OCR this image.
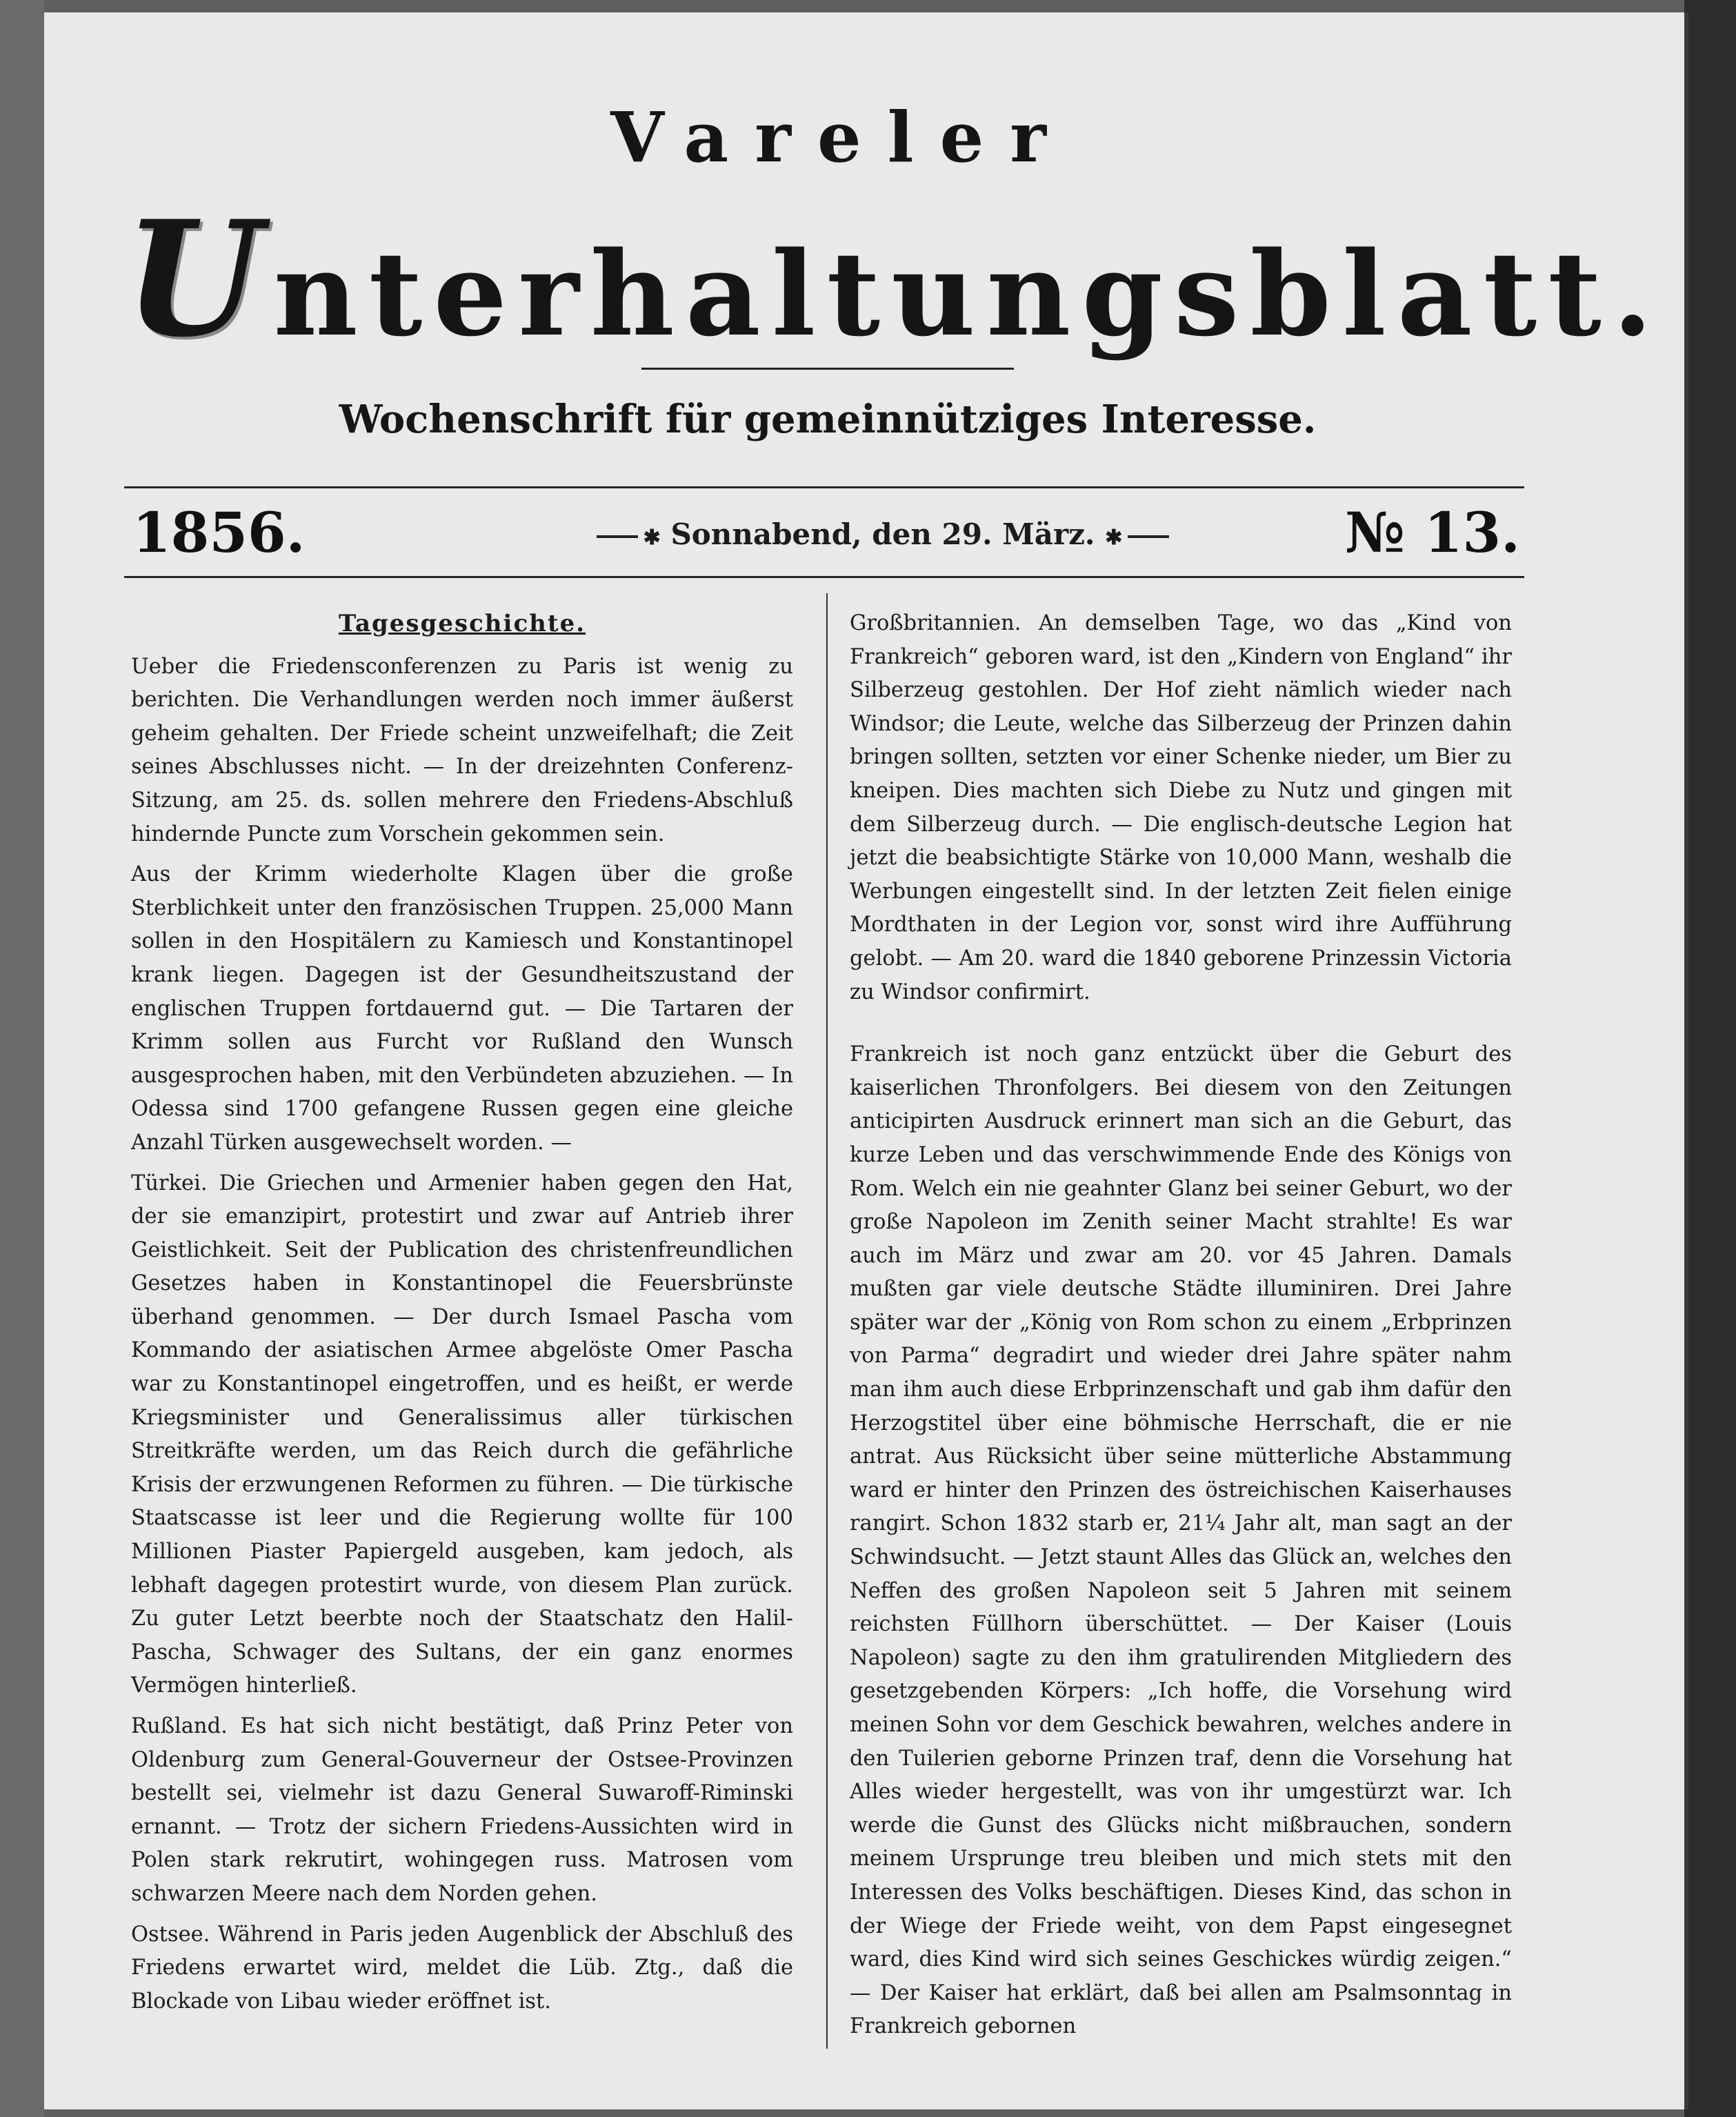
Vareler
Unterhaltungsblatt.
Wochenschrift für gemeinnütziges Interesse.
1856.	✱ Sonnabend, den 29. März. ✱	№ 13.
Tagesgeschichte.

Ueber die Friedensconferenzen zu Paris ist wenig zu berichten. Die Verhandlungen werden noch immer äußerst geheim gehalten. Der Friede scheint unzweifelhaft; die Zeit seines Abschlusses nicht. — In der dreizehnten Conferenz-Sitzung, am 25. ds. sollen mehrere den Friedens-Abschluß hindernde Puncte zum Vorschein gekommen sein.

Aus der Krimm wiederholte Klagen über die große Sterblichkeit unter den französischen Truppen. 25,000 Mann sollen in den Hospitälern zu Kamiesch und Konstantinopel krank liegen. Dagegen ist der Gesundheitszustand der englischen Truppen fortdauernd gut. — Die Tartaren der Krimm sollen aus Furcht vor Rußland den Wunsch ausgesprochen haben, mit den Verbündeten abzuziehen. — In Odessa sind 1700 gefangene Russen gegen eine gleiche Anzahl Türken ausgewechselt worden. —

Türkei. Die Griechen und Armenier haben gegen den Hat, der sie emanzipirt, protestirt und zwar auf Antrieb ihrer Geistlichkeit. Seit der Publication des christenfreundlichen Gesetzes haben in Konstantinopel die Feuersbrünste überhand genommen. — Der durch Ismael Pascha vom Kommando der asiatischen Armee abgelöste Omer Pascha war zu Konstantinopel eingetroffen, und es heißt, er werde Kriegsminister und Generalissimus aller türkischen Streitkräfte werden, um das Reich durch die gefährliche Krisis der erzwungenen Reformen zu führen. — Die türkische Staatscasse ist leer und die Regierung wollte für 100 Millionen Piaster Papiergeld ausgeben, kam jedoch, als lebhaft dagegen protestirt wurde, von diesem Plan zurück. Zu guter Letzt beerbte noch der Staatschatz den Halil-Pascha, Schwager des Sultans, der ein ganz enormes Vermögen hinterließ.

Rußland. Es hat sich nicht bestätigt, daß Prinz Peter von Oldenburg zum General-Gouverneur der Ostsee-Provinzen bestellt sei, vielmehr ist dazu General Suwaroff-Riminski ernannt. — Trotz der sichern Friedens-Aussichten wird in Polen stark rekrutirt, wohingegen russ. Matrosen vom schwarzen Meere nach dem Norden gehen.

Ostsee. Während in Paris jeden Augenblick der Abschluß des Friedens erwartet wird, meldet die Lüb. Ztg., daß die Blockade von Libau wieder eröffnet ist.

Großbritannien. An demselben Tage, wo das „Kind von Frankreich“ geboren ward, ist den „Kindern von England“ ihr Silberzeug gestohlen. Der Hof zieht nämlich wieder nach Windsor; die Leute, welche das Silberzeug der Prinzen dahin bringen sollten, setzten vor einer Schenke nieder, um Bier zu kneipen. Dies machten sich Diebe zu Nutz und gingen mit dem Silberzeug durch. — Die englisch-deutsche Legion hat jetzt die beabsichtigte Stärke von 10,000 Mann, weshalb die Werbungen eingestellt sind. In der letzten Zeit fielen einige Mordthaten in der Legion vor, sonst wird ihre Aufführung gelobt. — Am 20. ward die 1840 geborene Prinzessin Victoria zu Windsor confirmirt.

Frankreich ist noch ganz entzückt über die Geburt des kaiserlichen Thronfolgers. Bei diesem von den Zeitungen anticipirten Ausdruck erinnert man sich an die Geburt, das kurze Leben und das verschwimmende Ende des Königs von Rom. Welch ein nie geahnter Glanz bei seiner Geburt, wo der große Napoleon im Zenith seiner Macht strahlte! Es war auch im März und zwar am 20. vor 45 Jahren. Damals mußten gar viele deutsche Städte illuminiren. Drei Jahre später war der „König von Rom schon zu einem „Erbprinzen von Parma“ degradirt und wieder drei Jahre später nahm man ihm auch diese Erbprinzenschaft und gab ihm dafür den Herzogstitel über eine böhmische Herrschaft, die er nie antrat. Aus Rücksicht über seine mütterliche Abstammung ward er hinter den Prinzen des östreichischen Kaiserhauses rangirt. Schon 1832 starb er, 21¼ Jahr alt, man sagt an der Schwindsucht. — Jetzt staunt Alles das Glück an, welches den Neffen des großen Napoleon seit 5 Jahren mit seinem reichsten Füllhorn überschüttet. — Der Kaiser (Louis Napoleon) sagte zu den ihm gratulirenden Mitgliedern des gesetzgebenden Körpers: „Ich hoffe, die Vorsehung wird meinen Sohn vor dem Geschick bewahren, welches andere in den Tuilerien geborne Prinzen traf, denn die Vorsehung hat Alles wieder hergestellt, was von ihr umgestürzt war. Ich werde die Gunst des Glücks nicht mißbrauchen, sondern meinem Ursprunge treu bleiben und mich stets mit den Interessen des Volks beschäftigen. Dieses Kind, das schon in der Wiege der Friede weiht, von dem Papst eingesegnet ward, dies Kind wird sich seines Geschickes würdig zeigen.“ — Der Kaiser hat erklärt, daß bei allen am Psalmsonntag in Frankreich gebornen
